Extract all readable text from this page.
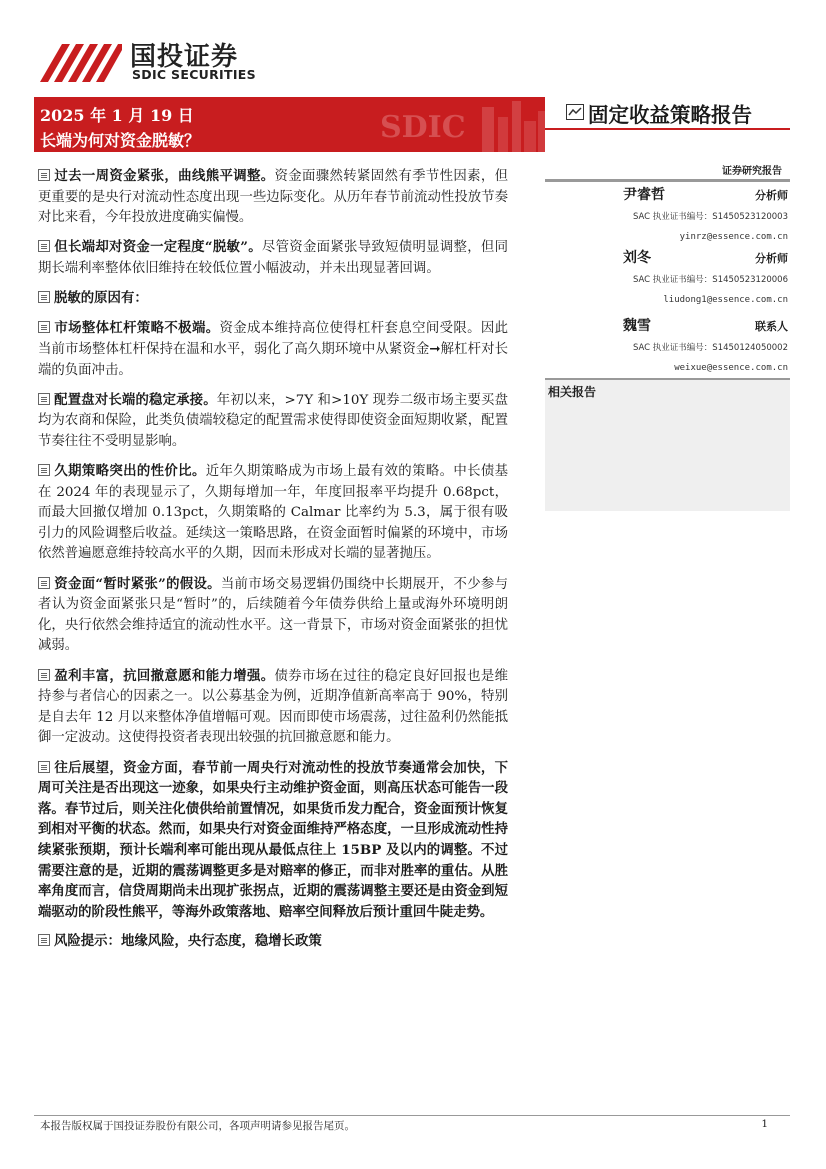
国投证券
SDIC SECURITIES
SDIC
2025 年 1 月 19 日
长端为何对资金脱敏？
固定收益策略报告
证券研究报告
尹睿哲	分析师
SAC 执业证书编号：S1450523120003
yinrz@essence.com.cn
刘冬	分析师
SAC 执业证书编号：S1450523120006
liudong1@essence.com.cn
魏雪	联系人
SAC 执业证书编号：S1450124050002
weixue@essence.com.cn
相关报告
过去一周资金紧张，曲线熊平调整。资金面骤然转紧固然有季节性因素，但更重要的是央行对流动性态度出现一些边际变化。从历年春节前流动性投放节奏对比来看，今年投放进度确实偏慢。
但长端却对资金一定程度“脱敏”。尽管资金面紧张导致短债明显调整，但同期长端利率整体依旧维持在较低位置小幅波动，并未出现显著回调。
脱敏的原因有：
市场整体杠杆策略不极端。资金成本维持高位使得杠杆套息空间受限。因此当前市场整体杠杆保持在温和水平，弱化了高久期环境中从紧资金➞解杠杆对长端的负面冲击。
配置盘对长端的稳定承接。年初以来，>7Y 和>10Y 现券二级市场主要买盘均为农商和保险，此类负债端较稳定的配置需求使得即使资金面短期收紧，配置节奏往往不受明显影响。
久期策略突出的性价比。近年久期策略成为市场上最有效的策略。中长债基在 2024 年的表现显示了，久期每增加一年，年度回报率平均提升 0.68pct，而最大回撤仅增加 0.13pct，久期策略的 Calmar 比率约为 5.3，属于很有吸引力的风险调整后收益。延续这一策略思路，在资金面暂时偏紧的环境中，市场依然普遍愿意维持较高水平的久期，因而未形成对长端的显著抛压。
资金面“暂时紧张”的假设。当前市场交易逻辑仍围绕中长期展开，不少参与者认为资金面紧张只是“暂时”的，后续随着今年债券供给上量或海外环境明朗化，央行依然会维持适宜的流动性水平。这一背景下，市场对资金面紧张的担忧减弱。
盈利丰富，抗回撤意愿和能力增强。债券市场在过往的稳定良好回报也是维持参与者信心的因素之一。以公募基金为例，近期净值新高率高于 90%，特别是自去年 12 月以来整体净值增幅可观。因而即使市场震荡，过往盈利仍然能抵御一定波动。这使得投资者表现出较强的抗回撤意愿和能力。
往后展望，资金方面，春节前一周央行对流动性的投放节奏通常会加快，下周可关注是否出现这一迹象，如果央行主动维护资金面，则高压状态可能告一段落。春节过后，则关注化债供给前置情况，如果货币发力配合，资金面预计恢复到相对平衡的状态。然而，如果央行对资金面维持严格态度，一旦形成流动性持续紧张预期，预计长端利率可能出现从最低点往上 15BP 及以内的调整。不过需要注意的是，近期的震荡调整更多是对赔率的修正，而非对胜率的重估。从胜率角度而言，信贷周期尚未出现扩张拐点，近期的震荡调整主要还是由资金到短端驱动的阶段性熊平，等海外政策落地、赔率空间释放后预计重回牛陡走势。
风险提示：地缘风险，央行态度，稳增长政策
本报告版权属于国投证券股份有限公司，各项声明请参见报告尾页。	1
